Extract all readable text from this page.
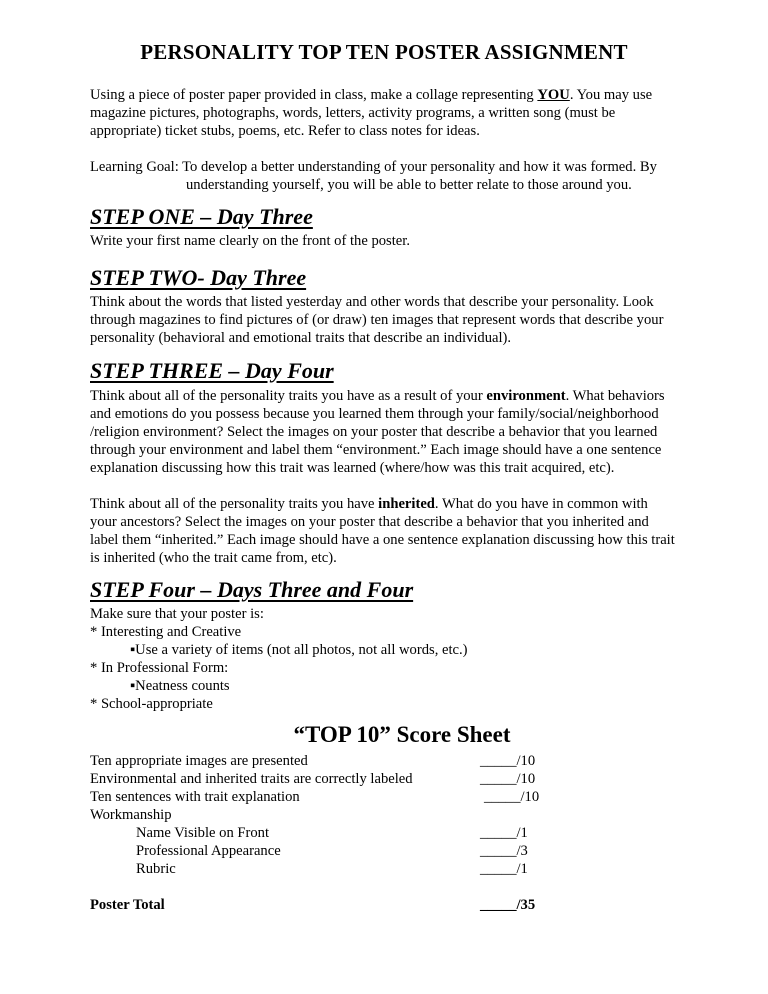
PERSONALITY TOP TEN POSTER ASSIGNMENT
Using a piece of poster paper provided in class, make a collage representing YOU. You may use
magazine pictures, photographs, words, letters, activity programs, a written song (must be
appropriate) ticket stubs, poems, etc. Refer to class notes for ideas.
Learning Goal: To develop a better understanding of your personality and how it was formed. By
understanding yourself, you will be able to better relate to those around you.
STEP ONE – Day Three
Write your first name clearly on the front of the poster.
STEP TWO- Day Three
Think about the words that listed yesterday and other words that describe your personality. Look
through magazines to find pictures of (or draw) ten images that represent words that describe your
personality (behavioral and emotional traits that describe an individual).
STEP THREE – Day Four
Think about all of the personality traits you have as a result of your environment. What behaviors
and emotions do you possess because you learned them through your family/social/neighborhood
/religion environment? Select the images on your poster that describe a behavior that you learned
through your environment and label them “environment.” Each image should have a one sentence
explanation discussing how this trait was learned (where/how was this trait acquired, etc).
Think about all of the personality traits you have inherited. What do you have in common with
your ancestors? Select the images on your poster that describe a behavior that you inherited and
label them “inherited.” Each image should have a one sentence explanation discussing how this trait
is inherited (who the trait came from, etc).
STEP Four – Days Three and Four
Make sure that your poster is:
* Interesting and Creative
▪Use a variety of items (not all photos, not all words, etc.)
* In Professional Form:
▪Neatness counts
* School-appropriate
“TOP 10” Score Sheet
Ten appropriate images are presented	_____/10
Environmental and inherited traits are correctly labeled	_____/10
Ten sentences with trait explanation	_____/10
Workmanship
Name Visible on Front	_____/1
Professional Appearance	_____/3
Rubric	_____/1
Poster Total	_____/35
